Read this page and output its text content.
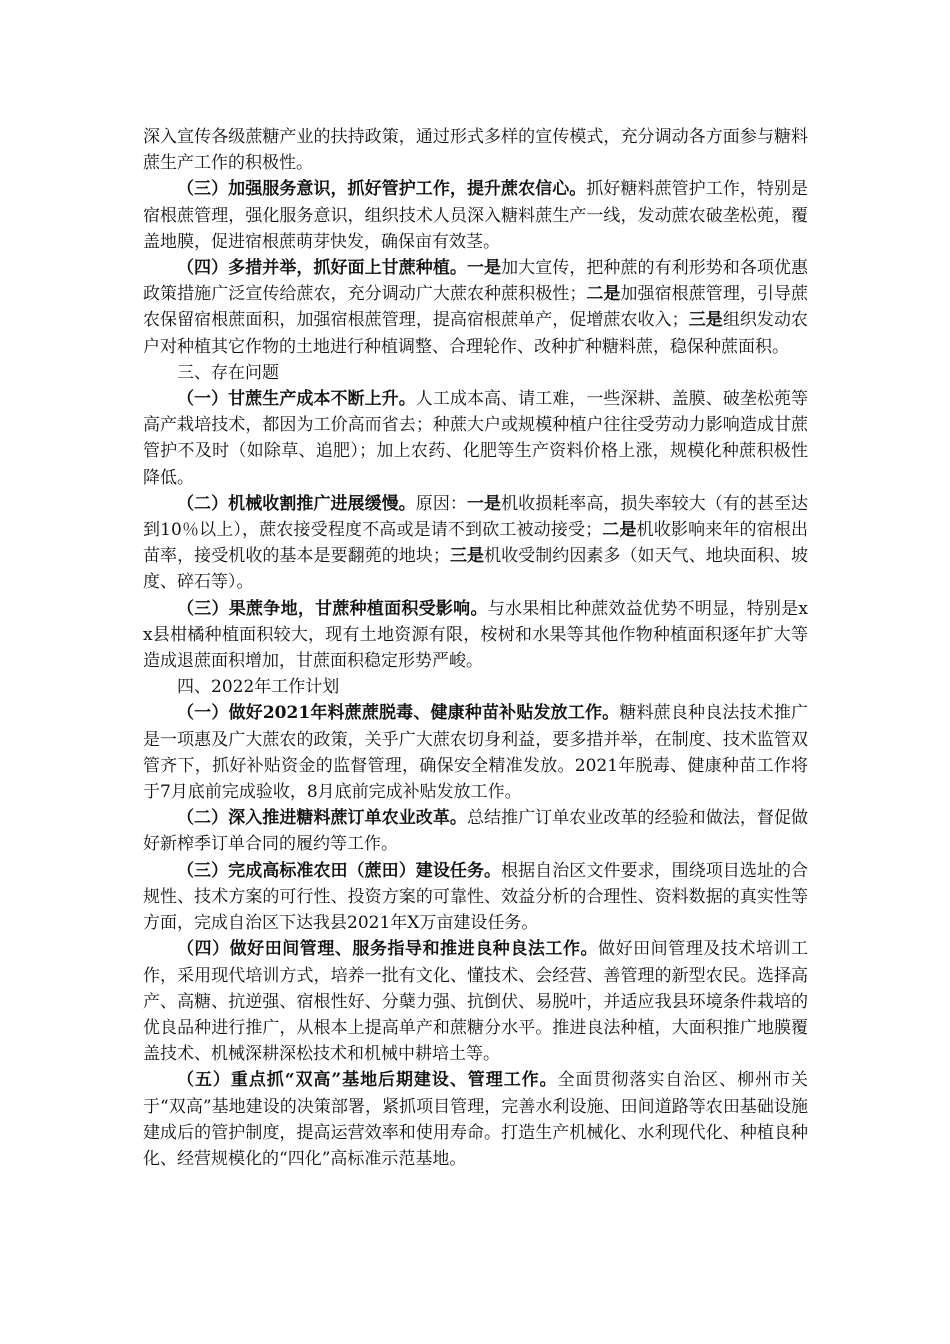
深入宣传各级蔗糖产业的扶持政策，通过形式多样的宣传模式，充分调动各方面参与糖料蔗生产工作的积极性。

（三）加强服务意识，抓好管护工作，提升蔗农信心。抓好糖料蔗管护工作，特别是宿根蔗管理，强化服务意识，组织技术人员深入糖料蔗生产一线，发动蔗农破垄松蔸，覆盖地膜，促进宿根蔗萌芽快发，确保亩有效茎。

（四）多措并举，抓好面上甘蔗种植。一是加大宣传，把种蔗的有利形势和各项优惠政策措施广泛宣传给蔗农，充分调动广大蔗农种蔗积极性；二是加强宿根蔗管理，引导蔗农保留宿根蔗面积，加强宿根蔗管理，提高宿根蔗单产，促增蔗农收入；三是组织发动农户对种植其它作物的土地进行种植调整、合理轮作、改种扩种糖料蔗，稳保种蔗面积。

三、存在问题

（一）甘蔗生产成本不断上升。人工成本高、请工难，一些深耕、盖膜、破垄松蔸等高产栽培技术，都因为工价高而省去；种蔗大户或规模种植户往往受劳动力影响造成甘蔗管护不及时（如除草、追肥）；加上农药、化肥等生产资料价格上涨，规模化种蔗积极性降低。

（二）机械收割推广进展缓慢。原因：一是机收损耗率高，损失率较大（有的甚至达到10％以上），蔗农接受程度不高或是请不到砍工被动接受；二是机收影响来年的宿根出苗率，接受机收的基本是要翻蔸的地块；三是机收受制约因素多（如天气、地块面积、坡度、碎石等）。

（三）果蔗争地，甘蔗种植面积受影响。与水果相比种蔗效益优势不明显，特别是xx县柑橘种植面积较大，现有土地资源有限，桉树和水果等其他作物种植面积逐年扩大等造成退蔗面积增加，甘蔗面积稳定形势严峻。

四、2022年工作计划

（一）做好2021年料蔗蔗脱毒、健康种苗补贴发放工作。糖料蔗良种良法技术推广是一项惠及广大蔗农的政策，关乎广大蔗农切身利益，要多措并举，在制度、技术监管双管齐下，抓好补贴资金的监督管理，确保安全精准发放。2021年脱毒、健康种苗工作将于7月底前完成验收，8月底前完成补贴发放工作。

（二）深入推进糖料蔗订单农业改革。总结推广订单农业改革的经验和做法，督促做好新榨季订单合同的履约等工作。

（三）完成高标准农田（蔗田）建设任务。根据自治区文件要求，围绕项目选址的合规性、技术方案的可行性、投资方案的可靠性、效益分析的合理性、资料数据的真实性等方面，完成自治区下达我县2021年X万亩建设任务。

（四）做好田间管理、服务指导和推进良种良法工作。做好田间管理及技术培训工作，采用现代培训方式，培养一批有文化、懂技术、会经营、善管理的新型农民。选择高产、高糖、抗逆强、宿根性好、分蘖力强、抗倒伏、易脱叶，并适应我县环境条件栽培的优良品种进行推广，从根本上提高单产和蔗糖分水平。推进良法种植，大面积推广地膜覆盖技术、机械深耕深松技术和机械中耕培土等。

（五）重点抓“双高”基地后期建设、管理工作。全面贯彻落实自治区、柳州市关于“双高”基地建设的决策部署，紧抓项目管理，完善水利设施、田间道路等农田基础设施建成后的管护制度，提高运营效率和使用寿命。打造生产机械化、水利现代化、种植良种化、经营规模化的“四化”高标准示范基地。
